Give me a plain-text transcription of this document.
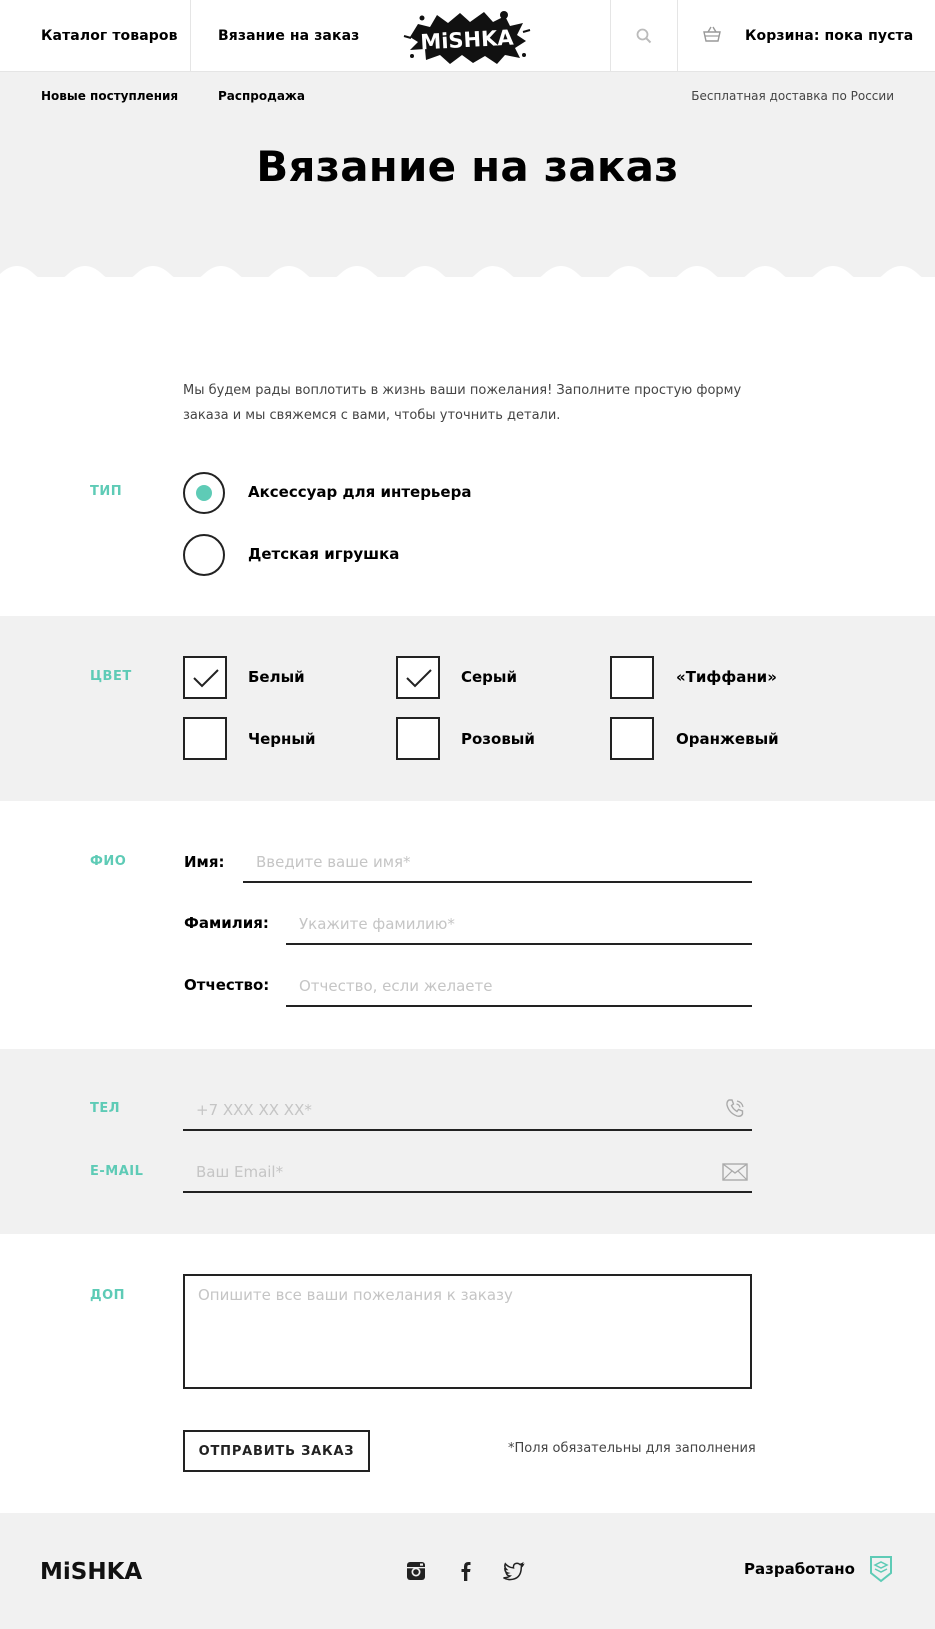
Каталог товаров	Вязание на заказ	MiSHKA	Корзина: пока пуста
Новые поступления	Распродажа	Бесплатная доставка по России
Вязание на заказ

Мы будем рады воплотить в жизнь ваши пожелания! Заполните простую форму заказа и мы свяжемся с вами, чтобы уточнить детали.

ТИП	Аксессуар для интерьера
Детская игрушка
ЦВЕТ	Белый	Серый	«Тиффани»
Черный	Розовый	Оранжевый
ФИО	Имя:
Введите ваше имя*
Фамилия:
Укажите фамилию*
Отчество:
Отчество, если желаете
ТЕЛ
+7 XXX XX XX*
E-MAIL
Ваш Email*
ДОП
Опишите все ваши пожелания к заказу
ОТПРАВИТЬ ЗАКАЗ	*Поля обязательны для заполнения
MiSHKA	Разработано
